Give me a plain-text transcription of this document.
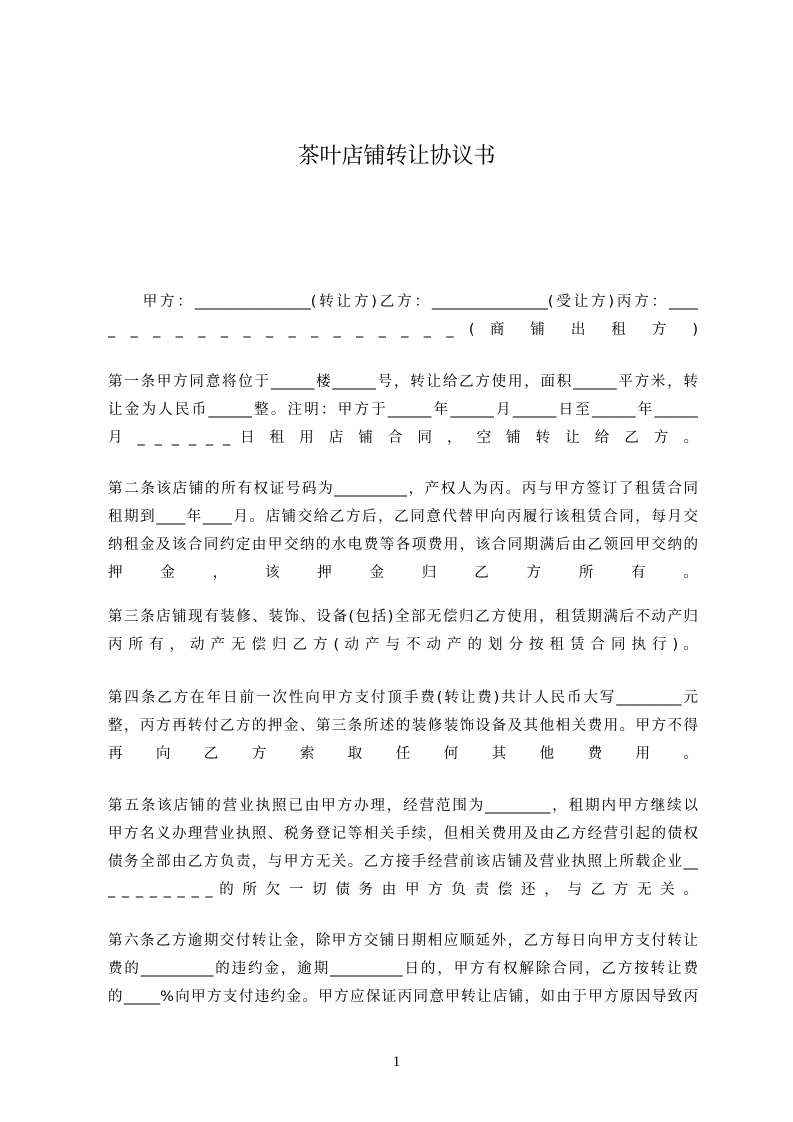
茶叶店铺转让协议书
　　甲方：________________(转让方)乙方：________________(受让方)丙方：____
_ _ _ _ _ _ _ _ _ _ _ _ _ _ _ _ ( 商 铺 出 租 方 )
第一条甲方同意将位于______楼______号，转让给乙方使用，面积______平方米，转
让金为人民币______整。注明：甲方于______年______月______日至______年______
月 _ _ _ _ _ _ 日 租 用 店 铺 合 同 ， 空 铺 转 让 给 乙 方 。
第二条该店铺的所有权证号码为__________，产权人为丙。丙与甲方签订了租赁合同
租期到____年____月。店铺交给乙方后，乙同意代替甲向丙履行该租赁合同，每月交
纳租金及该合同约定由甲交纳的水电费等各项费用，该合同期满后由乙领回甲交纳的
押 金 ， 该 押 金 归 乙 方 所 有 。
第三条店铺现有装修、装饰、设备(包括)全部无偿归乙方使用，租赁期满后不动产归
丙 所 有 ， 动 产 无 偿 归 乙 方 ( 动 产 与 不 动 产 的 划 分 按 租 赁 合 同 执 行 ) 。
第四条乙方在年日前一次性向甲方支付顶手费(转让费)共计人民币大写_________元
整，丙方再转付乙方的押金、第三条所述的装修装饰设备及其他相关费用。甲方不得
再 向 乙 方 索 取 任 何 其 他 费 用 。
第五条该店铺的营业执照已由甲方办理，经营范围为_________，租期内甲方继续以
甲方名义办理营业执照、税务登记等相关手续，但相关费用及由乙方经营引起的债权
债务全部由乙方负责，与甲方无关。乙方接手经营前该店铺及营业执照上所载企业__
_ _ _ _ _ _ _ _ 的 所 欠 一 切 债 务 由 甲 方 负 责 偿 还 ， 与 乙 方 无 关 。
第六条乙方逾期交付转让金，除甲方交铺日期相应顺延外，乙方每日向甲方支付转让
费的__________的违约金，逾期__________日的，甲方有权解除合同，乙方按转让费
的_____%向甲方支付违约金。甲方应保证丙同意甲转让店铺，如由于甲方原因导致丙
1
